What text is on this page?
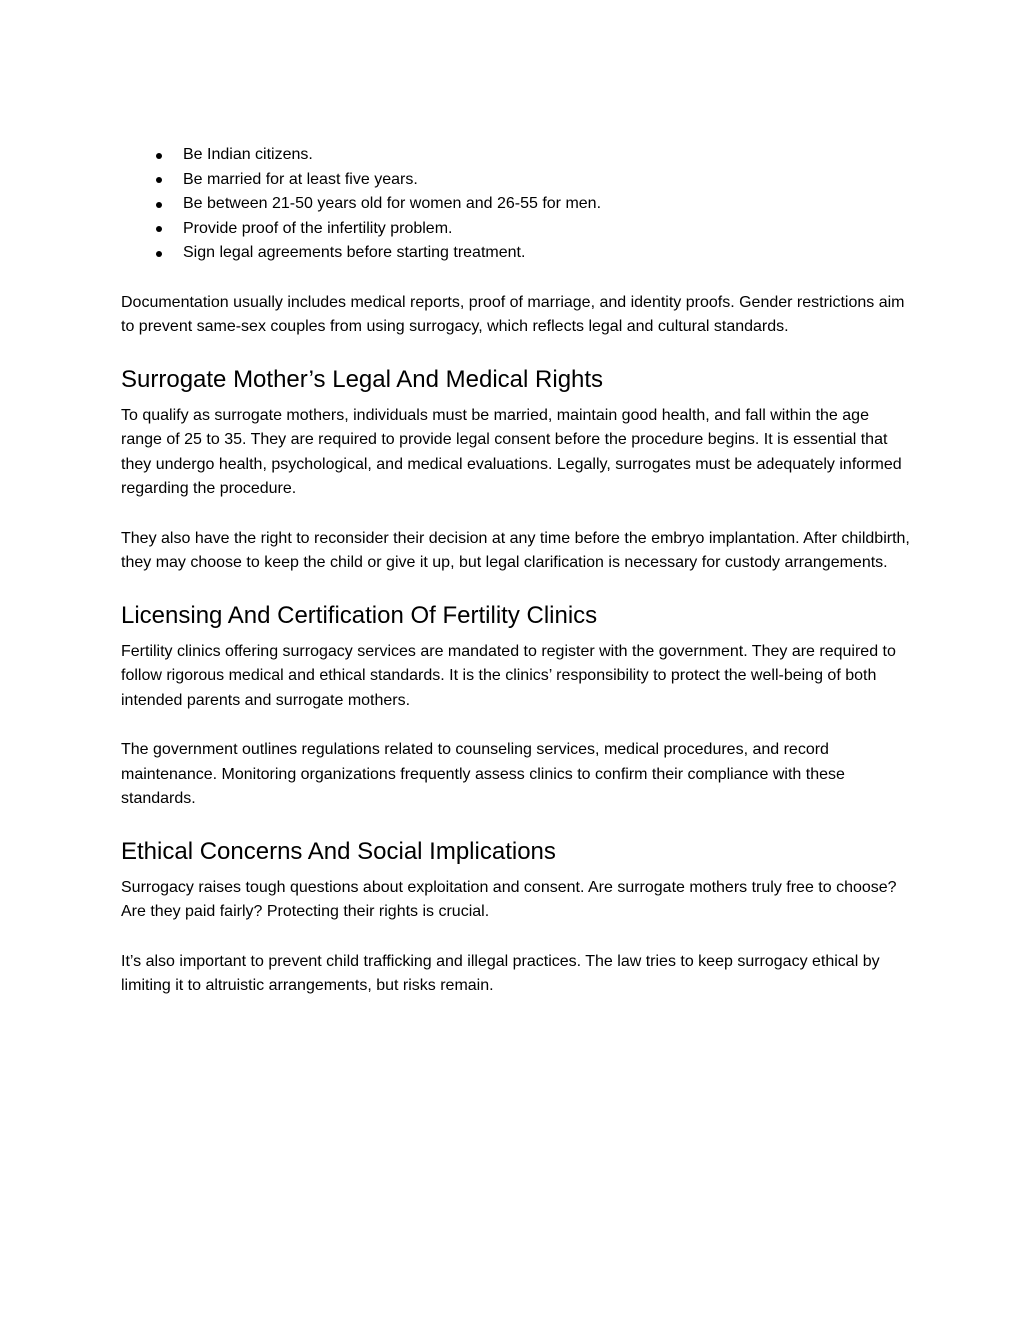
Be Indian citizens.
Be married for at least five years.
Be between 21-50 years old for women and 26-55 for men.
Provide proof of the infertility problem.
Sign legal agreements before starting treatment.

Documentation usually includes medical reports, proof of marriage, and identity proofs. Gender restrictions aim to prevent same-sex couples from using surrogacy, which reflects legal and cultural standards.

Surrogate Mother’s Legal And Medical Rights

To qualify as surrogate mothers, individuals must be married, maintain good health, and fall within the age range of 25 to 35. They are required to provide legal consent before the procedure begins. It is essential that they undergo health, psychological, and medical evaluations. Legally, surrogates must be adequately informed regarding the procedure.

They also have the right to reconsider their decision at any time before the embryo implantation. After childbirth, they may choose to keep the child or give it up, but legal clarification is necessary for custody arrangements.

Licensing And Certification Of Fertility Clinics

Fertility clinics offering surrogacy services are mandated to register with the government. They are required to follow rigorous medical and ethical standards. It is the clinics’ responsibility to protect the well-being of both intended parents and surrogate mothers.

The government outlines regulations related to counseling services, medical procedures, and record maintenance. Monitoring organizations frequently assess clinics to confirm their compliance with these standards.

Ethical Concerns And Social Implications

Surrogacy raises tough questions about exploitation and consent. Are surrogate mothers truly free to choose? Are they paid fairly? Protecting their rights is crucial.

It’s also important to prevent child trafficking and illegal practices. The law tries to keep surrogacy ethical by limiting it to altruistic arrangements, but risks remain.
